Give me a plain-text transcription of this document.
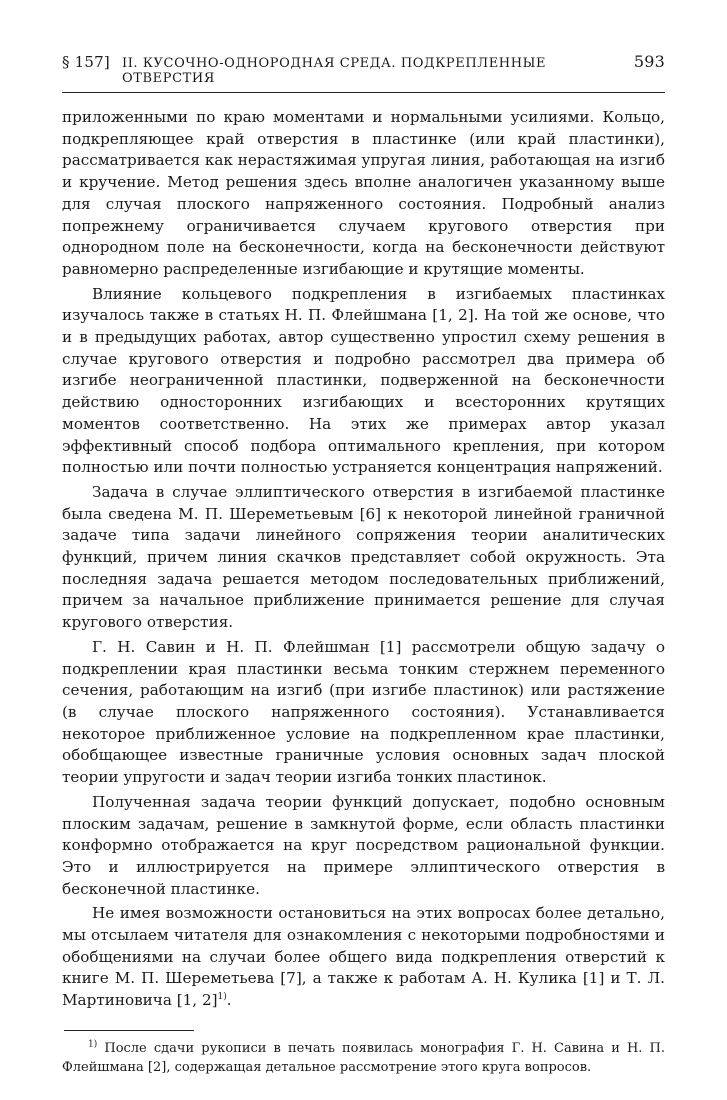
§ 157] II. КУСОЧНО-ОДНОРОДНАЯ СРЕДА. ПОДКРЕПЛЕННЫЕ ОТВЕРСТИЯ
593

приложенными по краю моментами и нормальными усилиями. Кольцо, подкрепляющее край отверстия в пластинке (или край пластинки), рассматривается как нерастяжимая упругая линия, работающая на изгиб и кручение. Метод решения здесь вполне аналогичен указанному выше для случая плоского напряженного состояния. Подробный анализ попрежнему ограничивается случаем кругового отверстия при однородном поле на бесконечности, когда на бесконечности действуют равномерно распределенные изгибающие и крутящие моменты.

Влияние кольцевого подкрепления в изгибаемых пластинках изучалось также в статьях Н. П. Флейшмана [1, 2]. На той же основе, что и в предыдущих работах, автор существенно упростил схему решения в случае кругового отверстия и подробно рассмотрел два примера об изгибе неограниченной пластинки, подверженной на бесконечности действию односторонних изгибающих и всесторонних крутящих моментов соответственно. На этих же примерах автор указал эффективный способ подбора оптимального крепления, при котором полностью или почти полностью устраняется концентрация напряжений.

Задача в случае эллиптического отверстия в изгибаемой пластинке была сведена М. П. Шереметьевым [6] к некоторой линейной граничной задаче типа задачи линейного сопряжения теории аналитических функций, причем линия скачков представляет собой окружность. Эта последняя задача решается методом последовательных приближений, причем за начальное приближение принимается решение для случая кругового отверстия.

Г. Н. Савин и Н. П. Флейшман [1] рассмотрели общую задачу о подкреплении края пластинки весьма тонким стержнем переменного сечения, работающим на изгиб (при изгибе пластинок) или растяжение (в случае плоского напряженного состояния). Устанавливается некоторое приближенное условие на подкрепленном крае пластинки, обобщающее известные граничные условия основных задач плоской теории упругости и задач теории изгиба тонких пластинок.

Полученная задача теории функций допускает, подобно основным плоским задачам, решение в замкнутой форме, если область пластинки конформно отображается на круг посредством рациональной функции. Это и иллюстрируется на примере эллиптического отверстия в бесконечной пластинке.

Не имея возможности остановиться на этих вопросах более детально, мы отсылаем читателя для ознакомления с некоторыми подробностями и обобщениями на случаи более общего вида подкрепления отверстий к книге М. П. Шереметьева [7], а также к работам А. Н. Кулика [1] и Т. Л. Мартиновича [1, 2]$^{1)}$.

$^{1)}$ После сдачи рукописи в печать появилась монография Г. Н. Савина и Н. П. Флейшмана [2], содержащая детальное рассмотрение этого круга вопросов.
